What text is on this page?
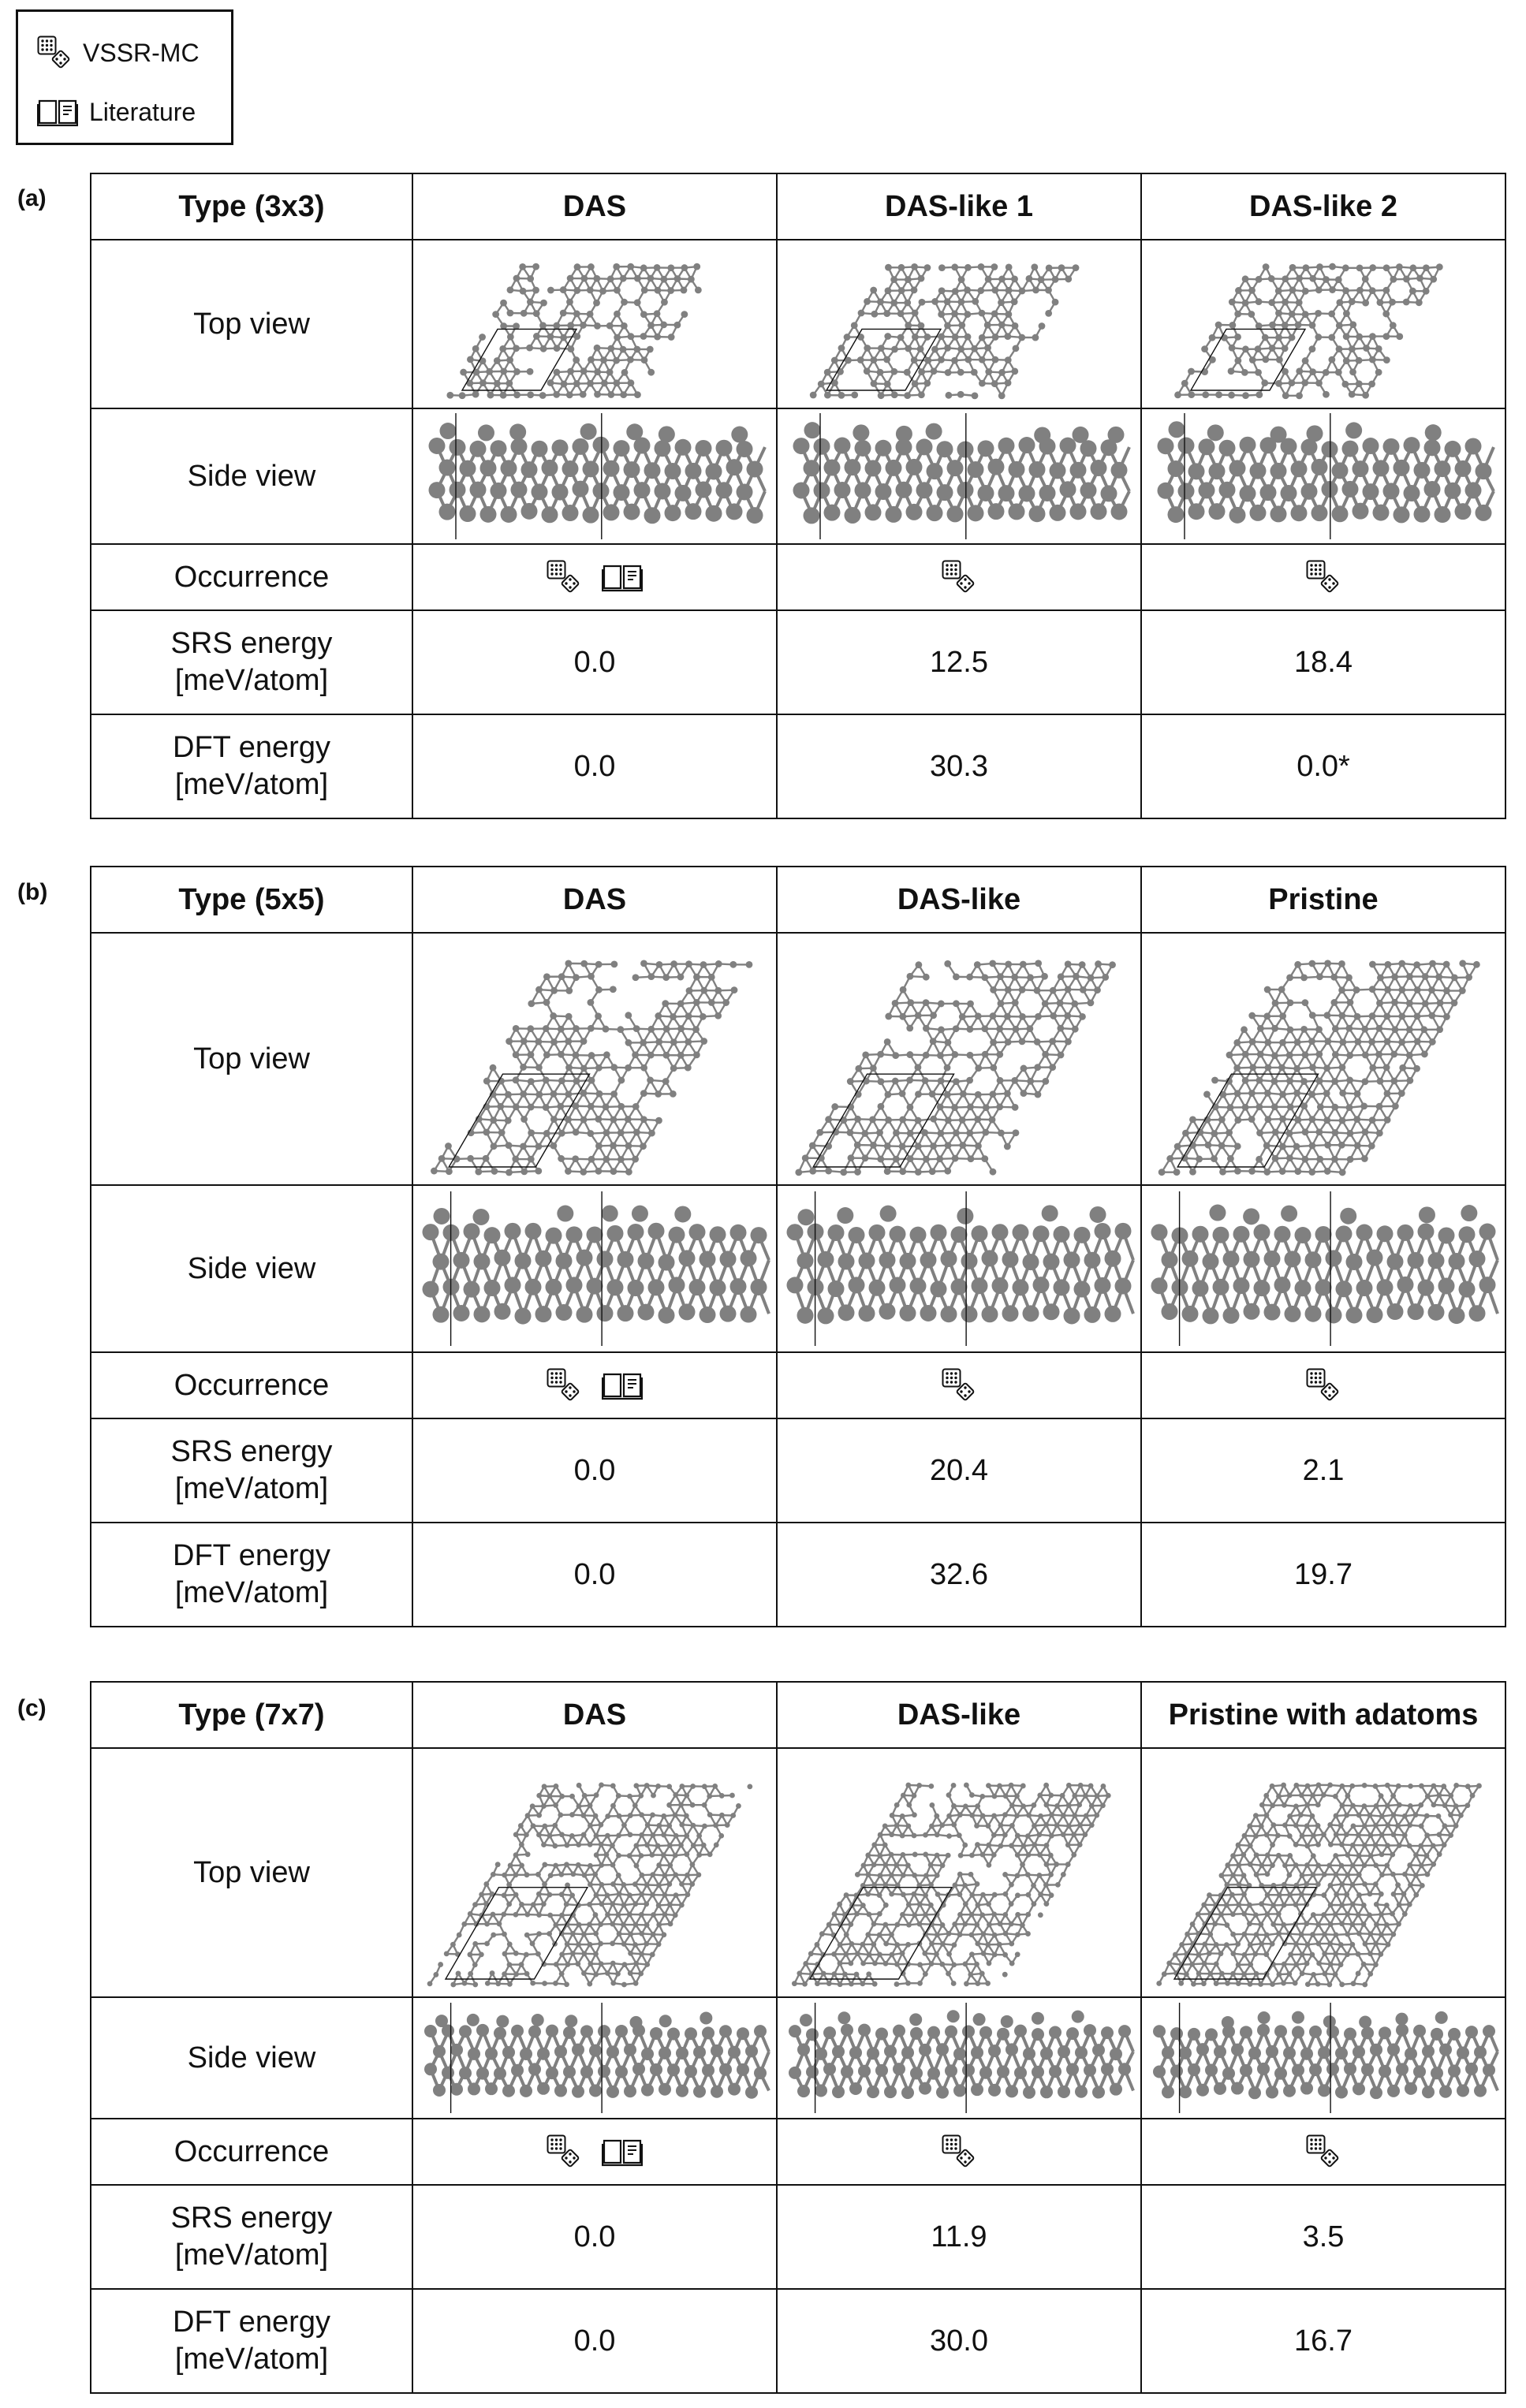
VSSR-MC
Literature
(a)
(b)
(c)
Type (3x3)	DAS	DAS-like 1	DAS-like 2
Top view	

Side view	

Occurrence	

SRS energy
[meV/atom]	0.0	12.5	18.4

DFT energy
[meV/atom]	0.0	30.3	0.0*
Type (5x5)	DAS	DAS-like	Pristine
Top view	

Side view	

Occurrence	

SRS energy
[meV/atom]	0.0	20.4	2.1

DFT energy
[meV/atom]	0.0	32.6	19.7
Type (7x7)	DAS	DAS-like	Pristine with adatoms
Top view	

Side view	

Occurrence	

SRS energy
[meV/atom]	0.0	11.9	3.5

DFT energy
[meV/atom]	0.0	30.0	16.7
